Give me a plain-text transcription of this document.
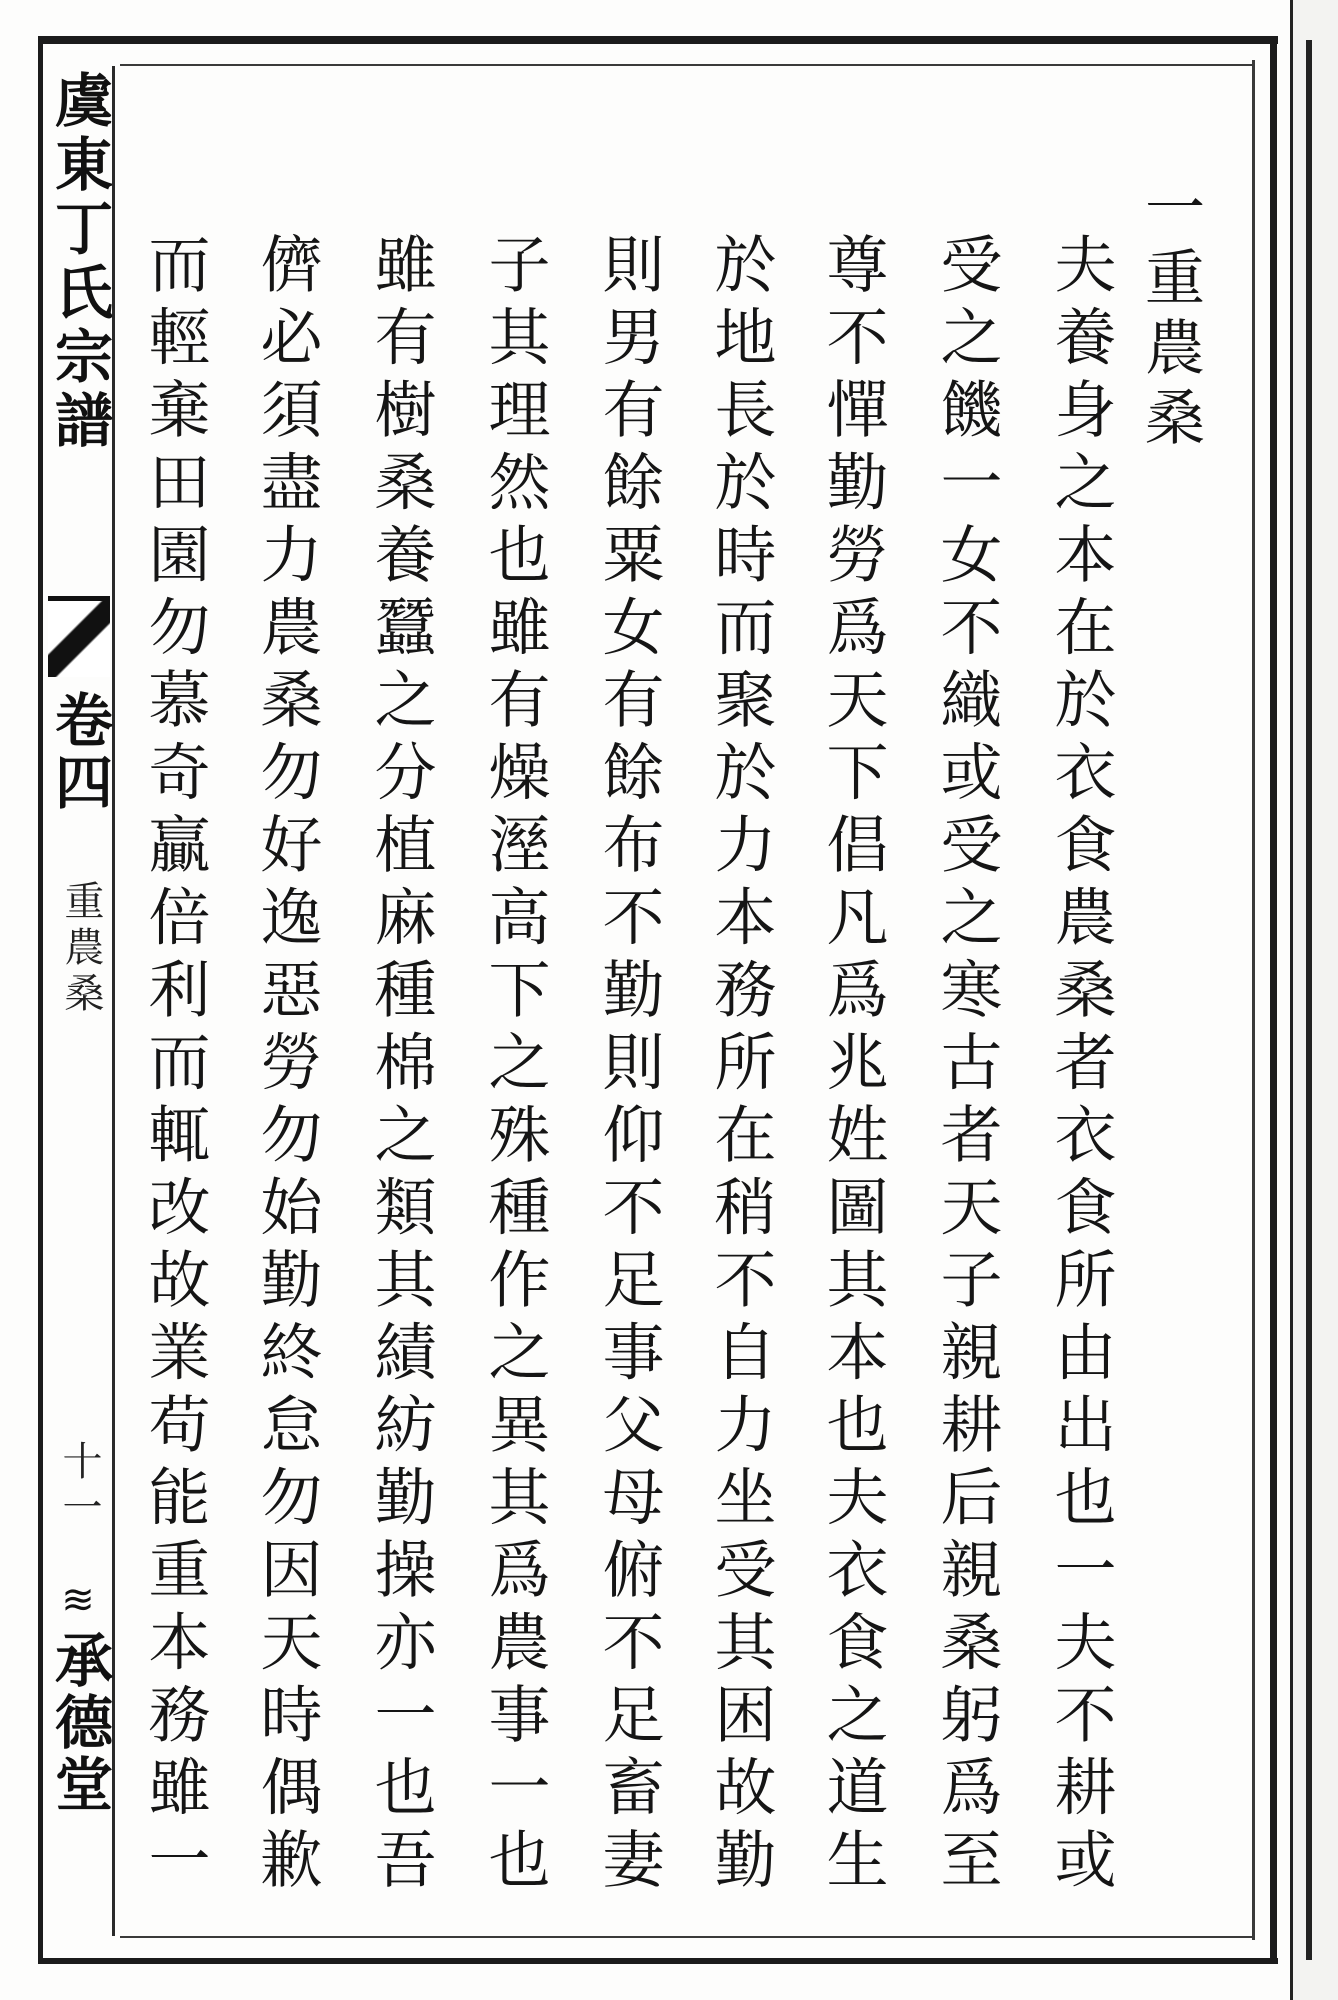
虞東丁氏宗譜
卷四
重農桑
十一
≋
承德堂
一重農桑
夫養身之本在於衣食農桑者衣食所由出也一夫不耕或
受之饑一女不織或受之寒古者天子親耕后親桑躬爲至
尊不憚勤勞爲天下倡凡爲兆姓圖其本也夫衣食之道生
於地長於時而聚於力本務所在稍不自力坐受其困故勤
則男有餘粟女有餘布不勤則仰不足事父母俯不足畜妻
子其理然也雖有燥溼高下之殊種作之異其爲農事一也
雖有樹桑養蠶之分植麻種棉之類其績紡勤操亦一也吾
儕必須盡力農桑勿好逸惡勞勿始勤終怠勿因天時偶歉
而輕棄田園勿慕奇贏倍利而輒改故業苟能重本務雖一
